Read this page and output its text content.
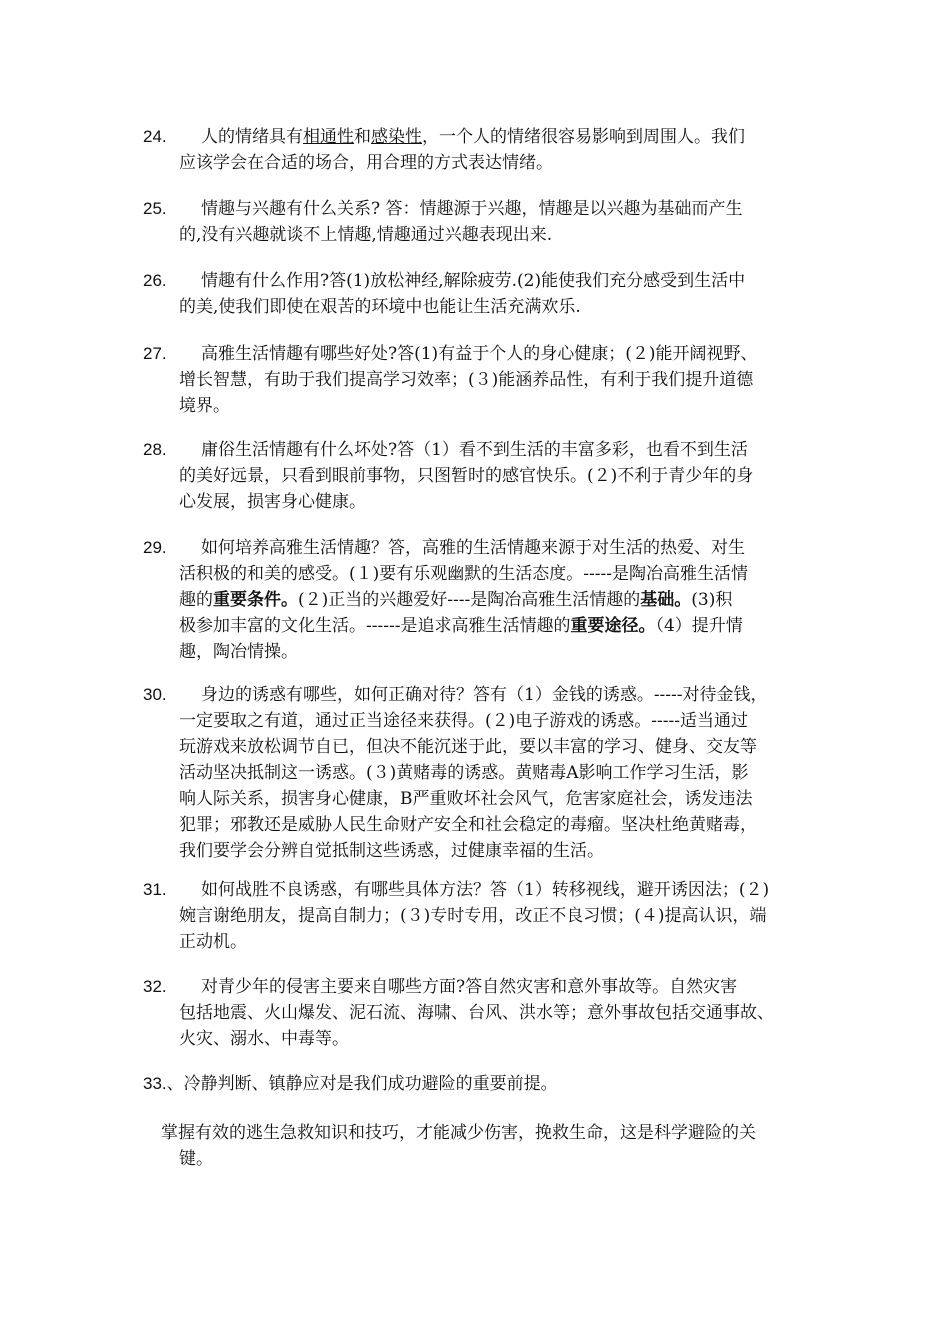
24.	人的情绪具有相通性和感染性，一个人的情绪很容易影响到周围人。我们
应该学会在合适的场合，用合理的方式表达情绪。
25.	情趣与兴趣有什么关系? 答：情趣源于兴趣，情趣是以兴趣为基础而产生
的,没有兴趣就谈不上情趣,情趣通过兴趣表现出来.
26.	情趣有什么作用?答(1)放松神经,解除疲劳.(2)能使我们充分感受到生活中
的美,使我们即使在艰苦的环境中也能让生活充满欢乐.
27.	高雅生活情趣有哪些好处?答(1)有益于个人的身心健康；(２)能开阔视野、
增长智慧，有助于我们提高学习效率；(３)能涵养品性，有利于我们提升道德
境界。
28.	庸俗生活情趣有什么坏处?答（1）看不到生活的丰富多彩，也看不到生活
的美好远景，只看到眼前事物，只图暂时的感官快乐。(２)不利于青少年的身
心发展，损害身心健康。
29.	如何培养高雅生活情趣？答，高雅的生活情趣来源于对生活的热爱、对生
活积极的和美的感受。(１)要有乐观幽默的生活态度。-----是陶冶高雅生活情
趣的重要条件。(２)正当的兴趣爱好----是陶冶高雅生活情趣的基础。(3)积
极参加丰富的文化生活。------是追求高雅生活情趣的重要途径。（4）提升情
趣，陶冶情操。
30.	身边的诱惑有哪些，如何正确对待？答有（1）金钱的诱惑。-----对待金钱，
一定要取之有道，通过正当途径来获得。(２)电子游戏的诱惑。-----适当通过
玩游戏来放松调节自已，但决不能沉迷于此，要以丰富的学习、健身、交友等
活动坚决抵制这一诱惑。(３)黄赌毒的诱惑。黄赌毒A影响工作学习生活，影
响人际关系，损害身心健康，B严重败坏社会风气，危害家庭社会，诱发违法
犯罪；邪教还是威胁人民生命财产安全和社会稳定的毒瘤。坚决杜绝黄赌毒，
我们要学会分辨自觉抵制这些诱惑，过健康幸福的生活。
31.	如何战胜不良诱惑，有哪些具体方法？答（1）转移视线，避开诱因法；(２)
婉言谢绝朋友，提高自制力；(３)专时专用，改正不良习惯；(４)提高认识，端
正动机。
32.	对青少年的侵害主要来自哪些方面?答自然灾害和意外事故等。自然灾害
包括地震、火山爆发、泥石流、海啸、台风、洪水等；意外事故包括交通事故、
火灾、溺水、中毒等。
33.、冷静判断、镇静应对是我们成功避险的重要前提。
掌握有效的逃生急救知识和技巧，才能减少伤害，挽救生命，这是科学避险的关
键。
